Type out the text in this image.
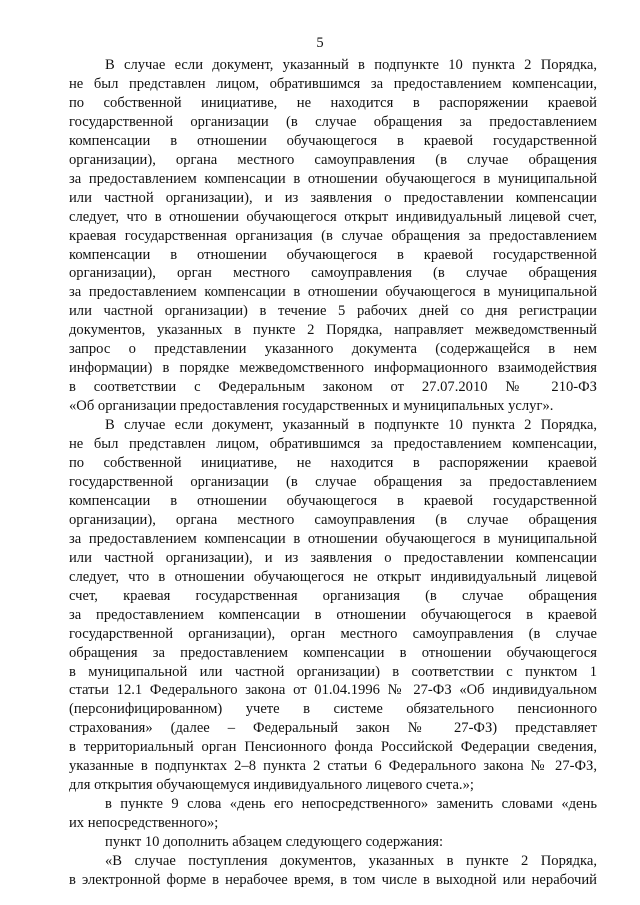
5
В случае если документ, указанный в подпункте 10 пункта 2 Порядка,
не был представлен лицом, обратившимся за предоставлением компенсации,
по собственной инициативе, не находится в распоряжении краевой
государственной организации (в случае обращения за предоставлением
компенсации в отношении обучающегося в краевой государственной
организации), органа местного самоуправления (в случае обращения
за предоставлением компенсации в отношении обучающегося в муниципальной
или частной организации), и из заявления о предоставлении компенсации
следует, что в отношении обучающегося открыт индивидуальный лицевой счет,
краевая государственная организация (в случае обращения за предоставлением
компенсации в отношении обучающегося в краевой государственной
организации), орган местного самоуправления (в случае обращения
за предоставлением компенсации в отношении обучающегося в муниципальной
или частной организации) в течение 5 рабочих дней со дня регистрации
документов, указанных в пункте 2 Порядка, направляет межведомственный
запрос о представлении указанного документа (содержащейся в нем
информации) в порядке межведомственного информационного взаимодействия
в соответствии с Федеральным законом от 27.07.2010 № 210-ФЗ
«Об организации предоставления государственных и муниципальных услуг».
В случае если документ, указанный в подпункте 10 пункта 2 Порядка,
не был представлен лицом, обратившимся за предоставлением компенсации,
по собственной инициативе, не находится в распоряжении краевой
государственной организации (в случае обращения за предоставлением
компенсации в отношении обучающегося в краевой государственной
организации), органа местного самоуправления (в случае обращения
за предоставлением компенсации в отношении обучающегося в муниципальной
или частной организации), и из заявления о предоставлении компенсации
следует, что в отношении обучающегося не открыт индивидуальный лицевой
счет, краевая государственная организация (в случае обращения
за предоставлением компенсации в отношении обучающегося в краевой
государственной организации), орган местного самоуправления (в случае
обращения за предоставлением компенсации в отношении обучающегося
в муниципальной или частной организации) в соответствии с пунктом 1
статьи 12.1 Федерального закона от 01.04.1996 № 27-ФЗ «Об индивидуальном
(персонифицированном) учете в системе обязательного пенсионного
страхования» (далее – Федеральный закон № 27-ФЗ) представляет
в территориальный орган Пенсионного фонда Российской Федерации сведения,
указанные в подпунктах 2–8 пункта 2 статьи 6 Федерального закона № 27-ФЗ,
для открытия обучающемуся индивидуального лицевого счета.»;
в пункте 9 слова «день его непосредственного» заменить словами «день
их непосредственного»;
пункт 10 дополнить абзацем следующего содержания:
«В случае поступления документов, указанных в пункте 2 Порядка,
в электронной форме в нерабочее время, в том числе в выходной или нерабочий
